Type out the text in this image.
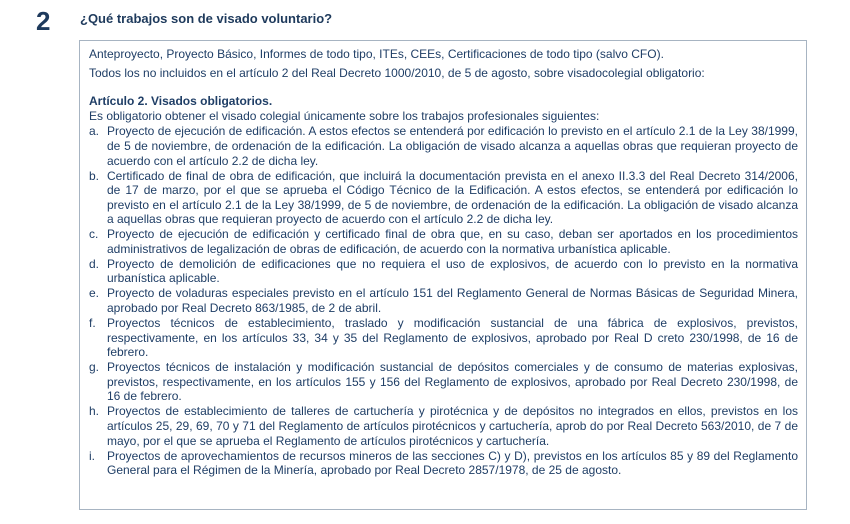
2 ¿Qué trabajos son de visado voluntario?

Anteproyecto, Proyecto Básico, Informes de todo tipo, ITEs, CEEs, Certificaciones de todo tipo (salvo CFO).

Todos los no incluidos en el artículo 2 del Real Decreto 1000/2010, de 5 de agosto, sobre visadocolegial obligatorio:

Artículo 2. Visados obligatorios.

Es obligatorio obtener el visado colegial únicamente sobre los trabajos profesionales siguientes:

a. Proyecto de ejecución de edificación. A estos efectos se entenderá por edificación lo previsto en el artículo 2.1 de la Ley 38/1999, de 5 de noviembre, de ordenación de la edificación. La obligación de visado alcanza a aquellas obras que requieran proyecto de acuerdo con el artículo 2.2 de dicha ley.
b. Certificado de final de obra de edificación, que incluirá la documentación prevista en el anexo II.3.3 del Real Decreto 314/2006, de 17 de marzo, por el que se aprueba el Código Técnico de la Edificación. A estos efectos, se entenderá por edificación lo previsto en el artículo 2.1 de la Ley 38/1999, de 5 de noviembre, de ordenación de la edificación. La obligación de visado alcanza a aquellas obras que requieran proyecto de acuerdo con el artículo 2.2 de dicha ley.
c. Proyecto de ejecución de edificación y certificado final de obra que, en su caso, deban ser aportados en los procedimientos administrativos de legalización de obras de edificación, de acuerdo con la normativa urbanística aplicable.
d. Proyecto de demolición de edificaciones que no requiera el uso de explosivos, de acuerdo con lo previsto en la normativa urbanística aplicable.
e. Proyecto de voladuras especiales previsto en el artículo 151 del Reglamento General de Normas Básicas de Seguridad Minera, aprobado por Real Decreto 863/1985, de 2 de abril.
f. Proyectos técnicos de establecimiento, traslado y modificación sustancial de una fábrica de explosivos, previstos, respectivamente, en los artículos 33, 34 y 35 del Reglamento de explosivos, aprobado por Real D creto 230/1998, de 16 de febrero.
g. Proyectos técnicos de instalación y modificación sustancial de depósitos comerciales y de consumo de materias explosivas, previstos, respectivamente, en los artículos 155 y 156 del Reglamento de explosivos, aprobado por Real Decreto 230/1998, de 16 de febrero.
h. Proyectos de establecimiento de talleres de cartuchería y pirotécnica y de depósitos no integrados en ellos, previstos en los artículos 25, 29, 69, 70 y 71 del Reglamento de artículos pirotécnicos y cartuchería, aprob do por Real Decreto 563/2010, de 7 de mayo, por el que se aprueba el Reglamento de artículos pirotécnicos y cartuchería.
i. Proyectos de aprovechamientos de recursos mineros de las secciones C) y D), previstos en los artículos 85 y 89 del Reglamento General para el Régimen de la Minería, aprobado por Real Decreto 2857/1978, de 25 de agosto.
